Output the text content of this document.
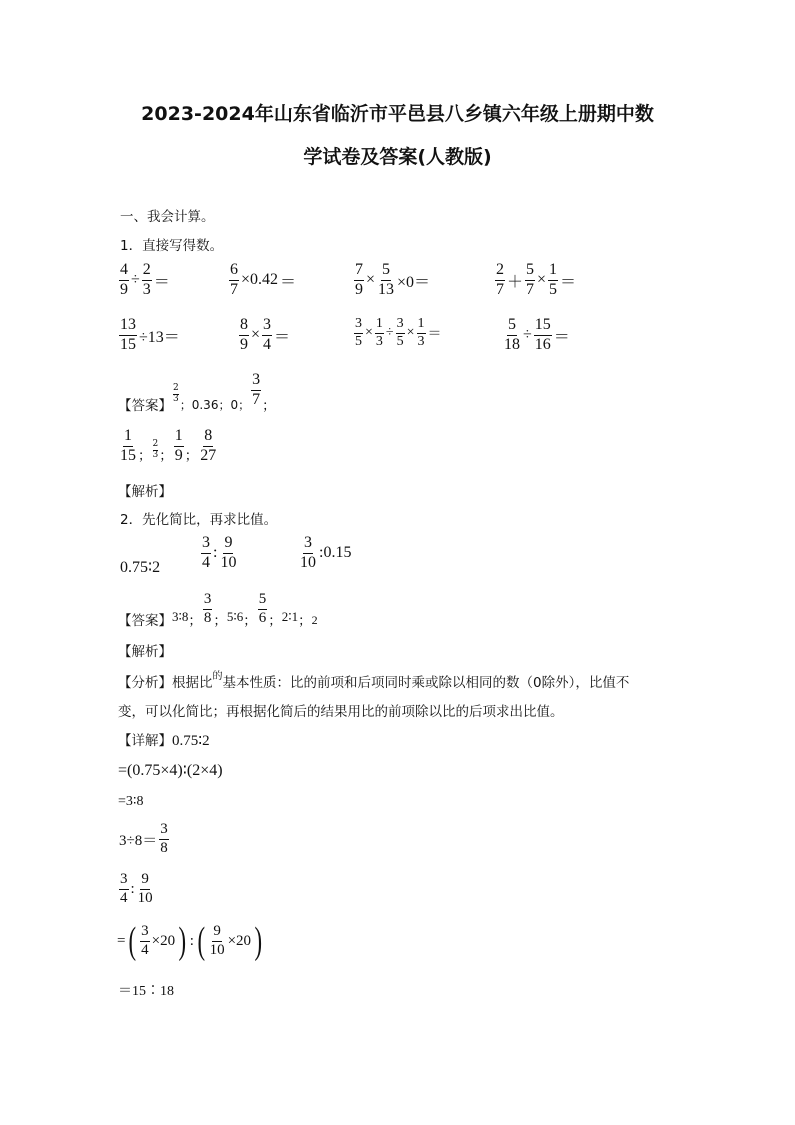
2023-2024年山东省临沂市平邑县八乡镇六年级上册期中数
学试卷及答案(人教版)
一、我会计算。
1．直接写得数。
$\frac{4}{9} \div \frac{2}{3}$ ＝	$\frac{6}{7} \times 0.42$ ＝	$\frac{7}{9} \times \frac{5}{13} \times 0=$	$\frac{2}{7} + \frac{5}{7} \times \frac{1}{5}$ ＝
$\frac{13}{15} \div 13=$	$\frac{8}{9} \times \frac{3}{4}$ ＝	$\frac{3}{5} \times \frac{1}{3} \div \frac{3}{5} \times \frac{1}{3}$ ＝	$\frac{5}{18} \div \frac{15}{16}$ ＝
【答案】
2
3 ；0.36；0；
3
7 ；
1
15 ；
2
3 ；
1
9 ；
8
27
【解析】
2．先化简比，再求比值。
0.75∶2	$\frac{3}{4}$ : $\frac{9}{10}$	$\frac{3}{10}$ :0.15
【答案】 3∶8 ；
3
8 ； 5∶6 ；
5
6 ； 2∶1 ； 2
【解析】
【分析】根据比$^的$基本性质：比的前项和后项同时乘或除以相同的数（0除外），比值不
变，可以化简比；再根据化简后的结果用比的前项除以比的后项求出比值。
【详解】0.75∶2
=(0.75×4)∶(2×4)
=3∶8
$3\div 8= \frac{3}{8}$
$\frac{3}{4}$ : $\frac{9}{10}$
= ( $\frac{3}{4} \times 20$ ) : ( $\frac{9}{10} \times 20$ )
＝15∶18
